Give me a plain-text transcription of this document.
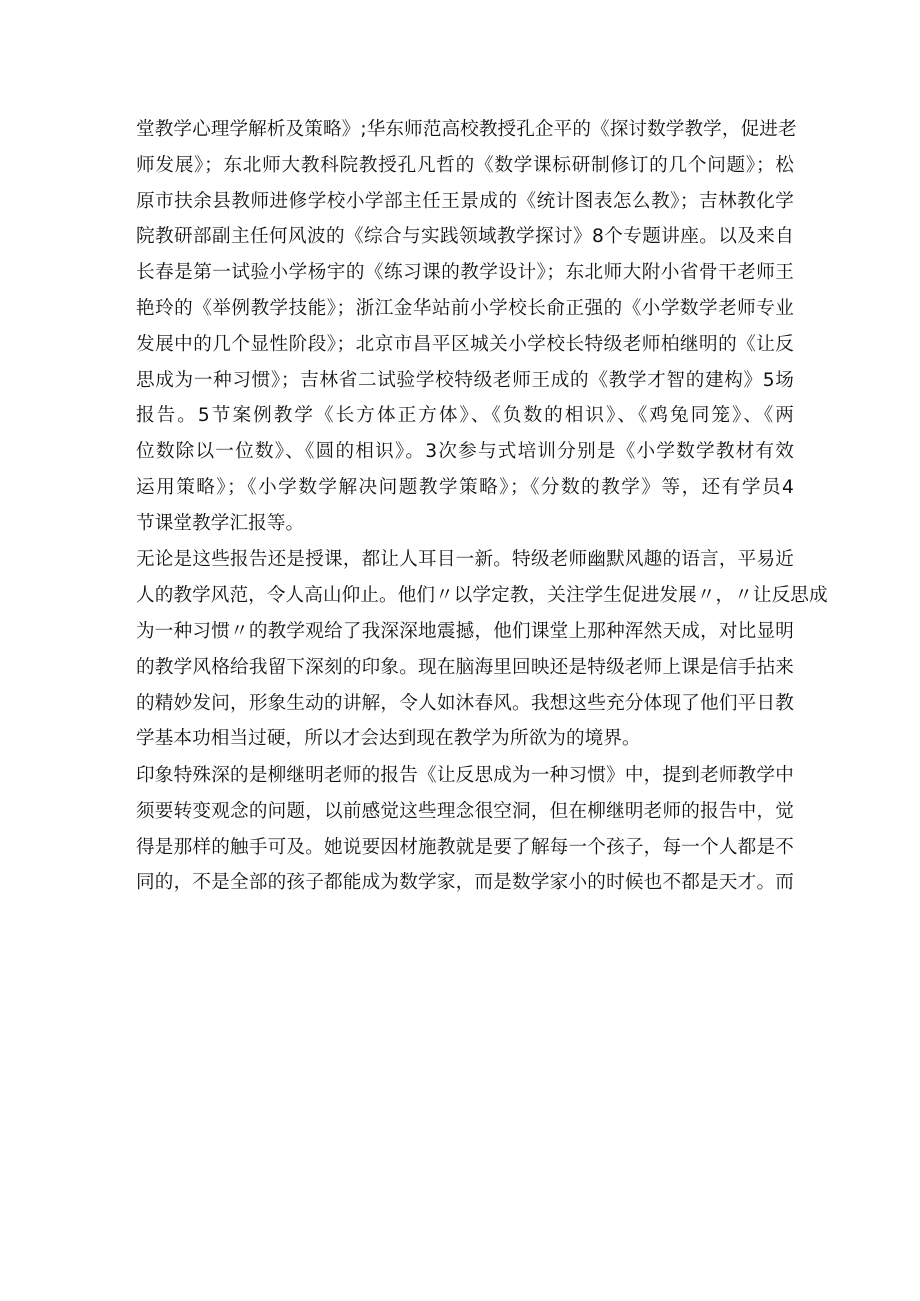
堂教学心理学解析及策略》;华东师范高校教授孔企平的《探讨数学教学，促进老
师发展》；东北师大教科院教授孔凡哲的《数学课标研制修订的几个问题》；松
原市扶余县教师进修学校小学部主任王景成的《统计图表怎么教》；吉林教化学
院教研部副主任何风波的《综合与实践领域教学探讨》8个专题讲座。以及来自
长春是第一试验小学杨宇的《练习课的教学设计》；东北师大附小省骨干老师王
艳玲的《举例教学技能》；浙江金华站前小学校长俞正强的《小学数学老师专业
发展中的几个显性阶段》；北京市昌平区城关小学校长特级老师柏继明的《让反
思成为一种习惯》；吉林省二试验学校特级老师王成的《教学才智的建构》5场
报告。5节案例教学《长方体正方体》、《负数的相识》、《鸡兔同笼》、《两
位数除以一位数》、《圆的相识》。3次参与式培训分别是《小学数学教材有效
运用策略》；《小学数学解决问题教学策略》；《分数的教学》等，还有学员4
节课堂教学汇报等。
无论是这些报告还是授课，都让人耳目一新。特级老师幽默风趣的语言，平易近
人的教学风范，令人高山仰止。他们〃以学定教，关注学生促进发展〃，〃让反思成
为一种习惯〃的教学观给了我深深地震撼，他们课堂上那种浑然天成，对比显明
的教学风格给我留下深刻的印象。现在脑海里回映还是特级老师上课是信手拈来
的精妙发问，形象生动的讲解，令人如沐春风。我想这些充分体现了他们平日教
学基本功相当过硬，所以才会达到现在教学为所欲为的境界。
印象特殊深的是柳继明老师的报告《让反思成为一种习惯》中，提到老师教学中
须要转变观念的问题，以前感觉这些理念很空洞，但在柳继明老师的报告中，觉
得是那样的触手可及。她说要因材施教就是要了解每一个孩子，每一个人都是不
同的，不是全部的孩子都能成为数学家，而是数学家小的时候也不都是天才。而
